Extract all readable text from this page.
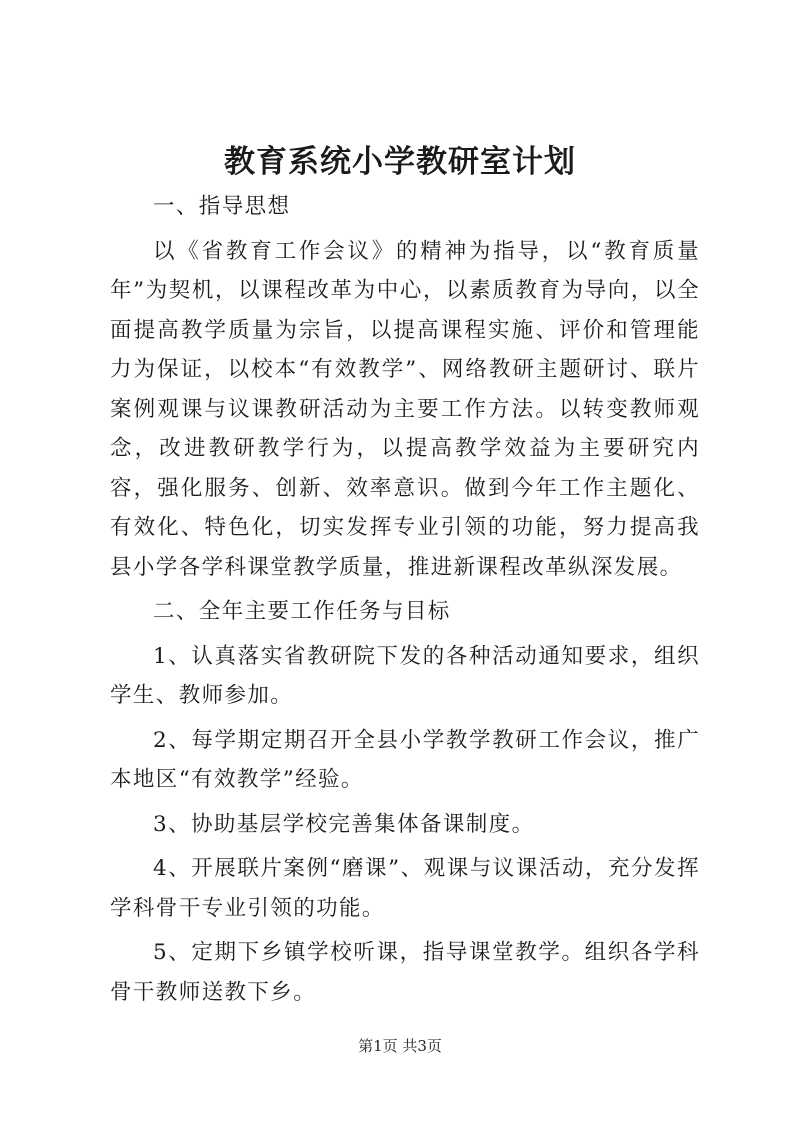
教育系统小学教研室计划

一、指导思想

以《省教育工作会议》的精神为指导，以“教育质量年”为契机，以课程改革为中心，以素质教育为导向，以全面提高教学质量为宗旨，以提高课程实施、评价和管理能力为保证，以校本“有效教学”、网络教研主题研讨、联片案例观课与议课教研活动为主要工作方法。以转变教师观念，改进教研教学行为，以提高教学效益为主要研究内容，强化服务、创新、效率意识。做到今年工作主题化、有效化、特色化，切实发挥专业引领的功能，努力提高我县小学各学科课堂教学质量，推进新课程改革纵深发展。

二、全年主要工作任务与目标

1、认真落实省教研院下发的各种活动通知要求，组织学生、教师参加。

2、每学期定期召开全县小学教学教研工作会议，推广本地区“有效教学”经验。

3、协助基层学校完善集体备课制度。

4、开展联片案例“磨课”、观课与议课活动，充分发挥学科骨干专业引领的功能。

5、定期下乡镇学校听课，指导课堂教学。组织各学科骨干教师送教下乡。

第1页 共3页
